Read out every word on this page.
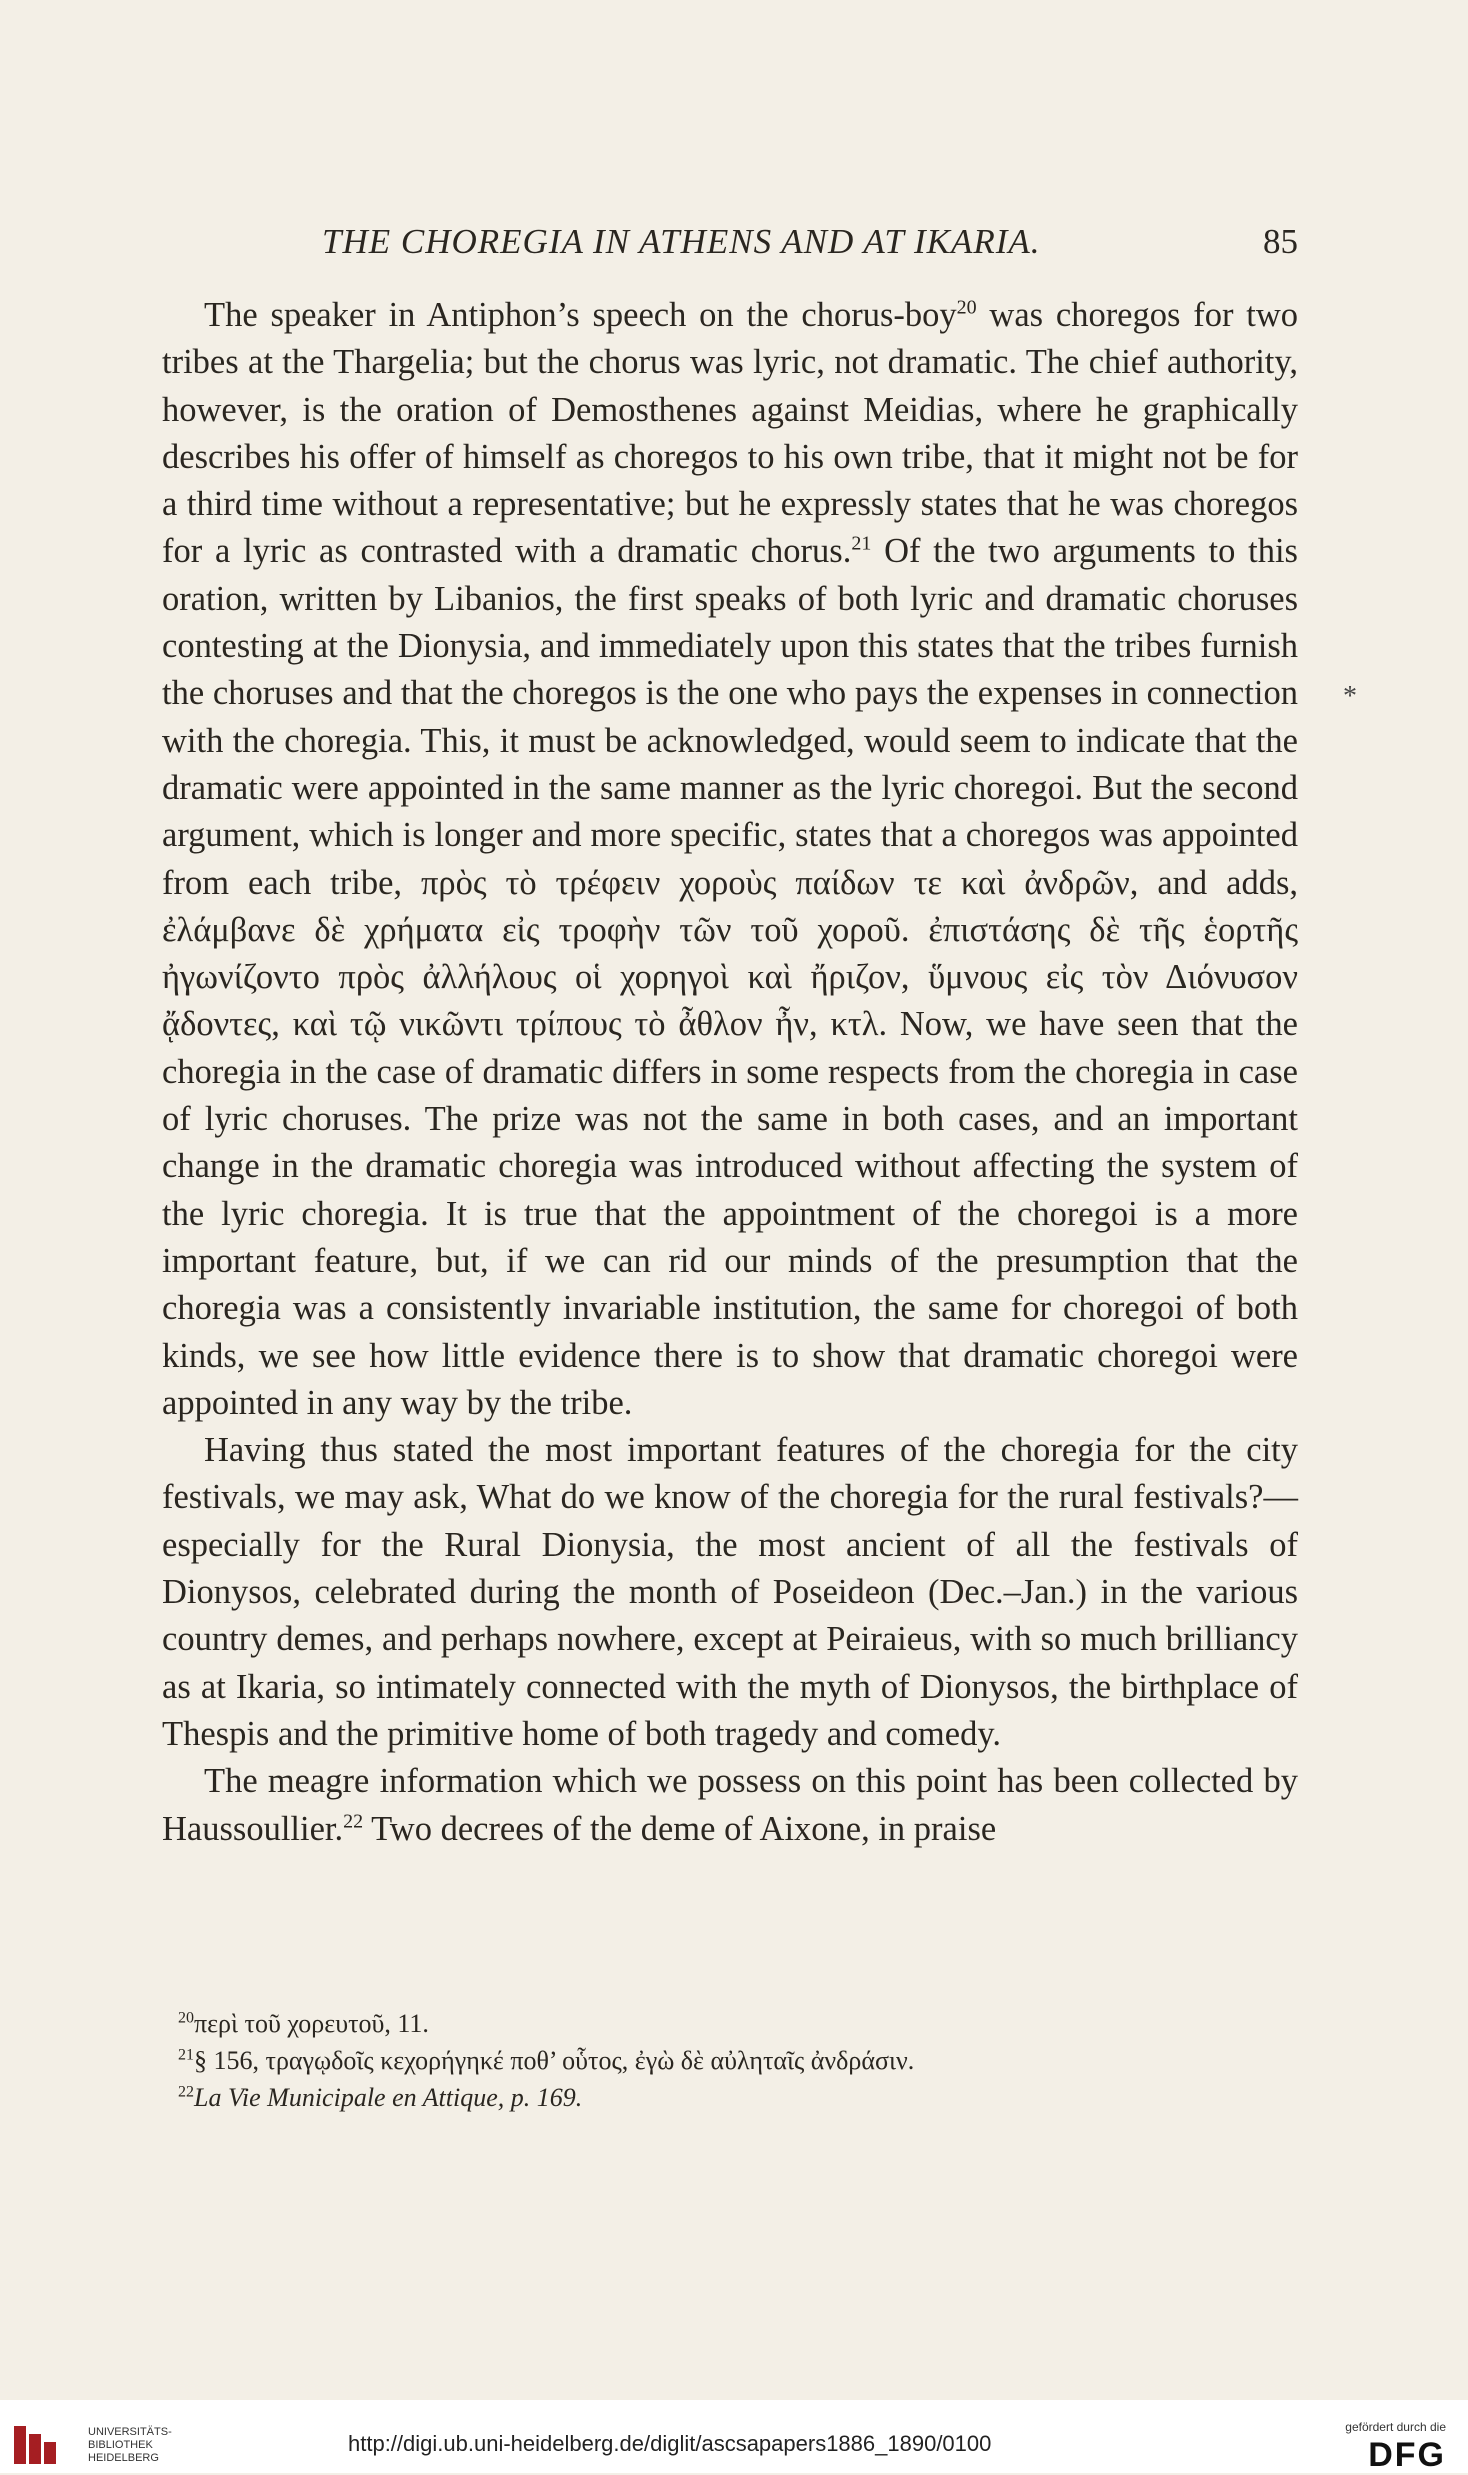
THE CHOREGIA IN ATHENS AND AT IKARIA.	85

The speaker in Antiphon’s speech on the chorus-boy$^{20}$ was choregos for two tribes at the Thargelia; but the chorus was lyric, not dramatic. The chief authority, however, is the oration of Demosthenes against Meidias, where he graphically describes his offer of himself as choregos to his own tribe, that it might not be for a third time without a representative; but he expressly states that he was choregos for a lyric as contrasted with a dramatic chorus.$^{21}$ Of the two arguments to this oration, written by Libanios, the first speaks of both lyric and dramatic choruses contesting at the Dionysia, and immediately upon this states that the tribes furnish the choruses and that the choregos is the one who pays the expenses in connection with the choregia. This, it must be acknowledged, would seem to indicate that the dramatic were appointed in the same manner as the lyric choregoi. But the second argument, which is longer and more specific, states that a choregos was appointed from each tribe, πρὸς τὸ τρέφειν χοροὺς παίδων τε καὶ ἀνδρῶν, and adds, ἐλάμβανε δὲ χρήματα εἰς τροφὴν τῶν τοῦ χοροῦ. ἐπιστάσης δὲ τῆς ἑορτῆς ἠγωνίζοντο πρὸς ἀλλήλους οἱ χορηγοὶ καὶ ἤριζον, ὕμνους εἰς τὸν Διόνυσον ᾄδοντες, καὶ τῷ νικῶντι τρίπους τὸ ἆθλον ἦν, κτλ. Now, we have seen that the choregia in the case of dramatic differs in some respects from the choregia in case of lyric choruses. The prize was not the same in both cases, and an important change in the dramatic choregia was introduced without affecting the system of the lyric choregia. It is true that the appointment of the choregoi is a more important feature, but, if we can rid our minds of the presumption that the choregia was a consistently invariable institution, the same for choregoi of both kinds, we see how little evidence there is to show that dramatic choregoi were appointed in any way by the tribe.

Having thus stated the most important features of the choregia for the city festivals, we may ask, What do we know of the choregia for the rural festivals?—especially for the Rural Dionysia, the most ancient of all the festivals of Dionysos, celebrated during the month of Poseideon (Dec.–Jan.) in the various country demes, and perhaps nowhere, except at Peiraieus, with so much brilliancy as at Ikaria, so intimately connected with the myth of Dionysos, the birthplace of Thespis and the primitive home of both tragedy and comedy.

The meagre information which we possess on this point has been collected by Haussoullier.$^{22}$ Two decrees of the deme of Aixone, in praise

*

$^{20}$περὶ τοῦ χορευτοῦ, 11.

$^{21}$§ 156, τραγῳδοῖς κεχορήγηκέ ποθ’ οὗτος, ἐγὼ δὲ αὐληταῖς ἀνδράσιν.

$^{22}$La Vie Municipale en Attique, p. 169.

UNIVERSITÄTS-
BIBLIOTHEK
HEIDELBERG
http://digi.ub.uni-heidelberg.de/diglit/ascsapapers1886_1890/0100
gefördert durch die
DFG
